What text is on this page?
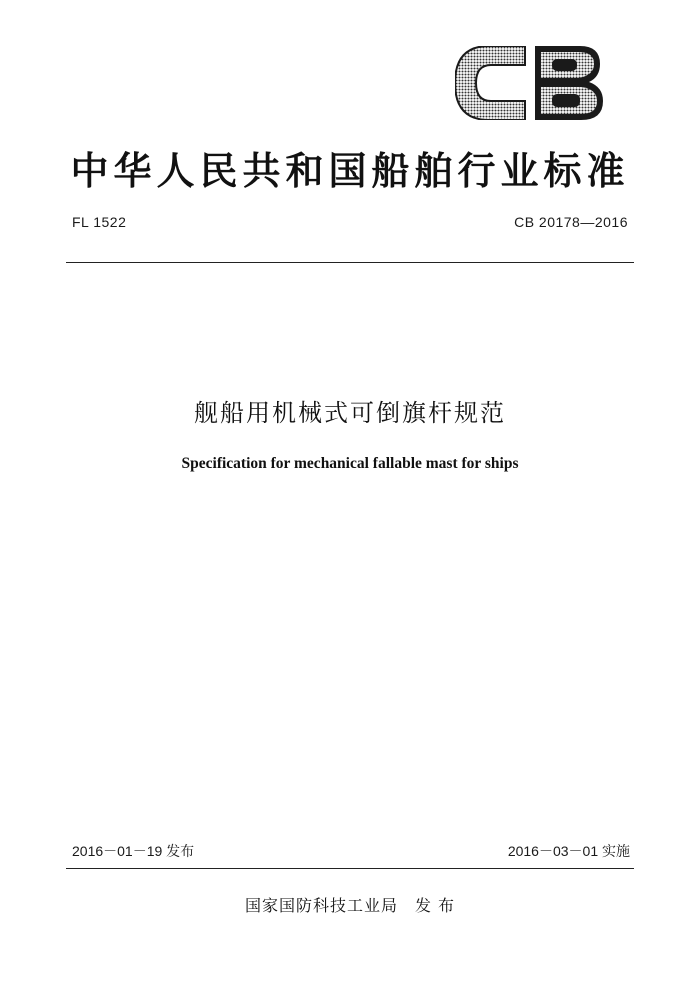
中华人民共和国船舶行业标准
FL 1522	CB 20178—2016
舰船用机械式可倒旗杆规范
Specification for mechanical fallable mast for ships
2016－01－19 发布	2016－03－01 实施
国家国防科技工业局　发 布
